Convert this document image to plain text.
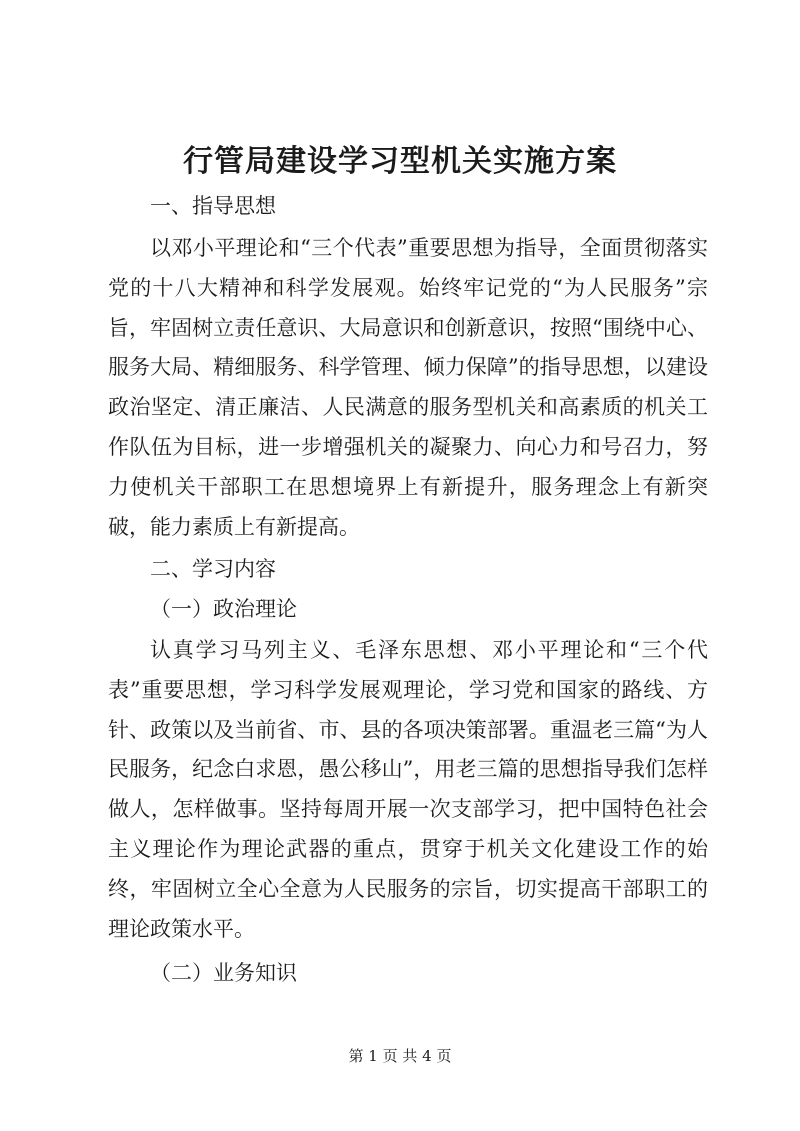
行管局建设学习型机关实施方案
一、指导思想
以邓小平理论和“三个代表”重要思想为指导，全面贯彻落实党的十八大精神和科学发展观。始终牢记党的“为人民服务”宗旨，牢固树立责任意识、大局意识和创新意识，按照“围绕中心、服务大局、精细服务、科学管理、倾力保障”的指导思想，以建设政治坚定、清正廉洁、人民满意的服务型机关和高素质的机关工作队伍为目标，进一步增强机关的凝聚力、向心力和号召力，努力使机关干部职工在思想境界上有新提升，服务理念上有新突破，能力素质上有新提高。
二、学习内容
（一）政治理论
认真学习马列主义、毛泽东思想、邓小平理论和“三个代表”重要思想，学习科学发展观理论，学习党和国家的路线、方针、政策以及当前省、市、县的各项决策部署。重温老三篇“为人民服务，纪念白求恩，愚公移山”，用老三篇的思想指导我们怎样做人，怎样做事。坚持每周开展一次支部学习，把中国特色社会主义理论作为理论武器的重点，贯穿于机关文化建设工作的始终，牢固树立全心全意为人民服务的宗旨，切实提高干部职工的理论政策水平。
（二）业务知识
第 1 页 共 4 页
